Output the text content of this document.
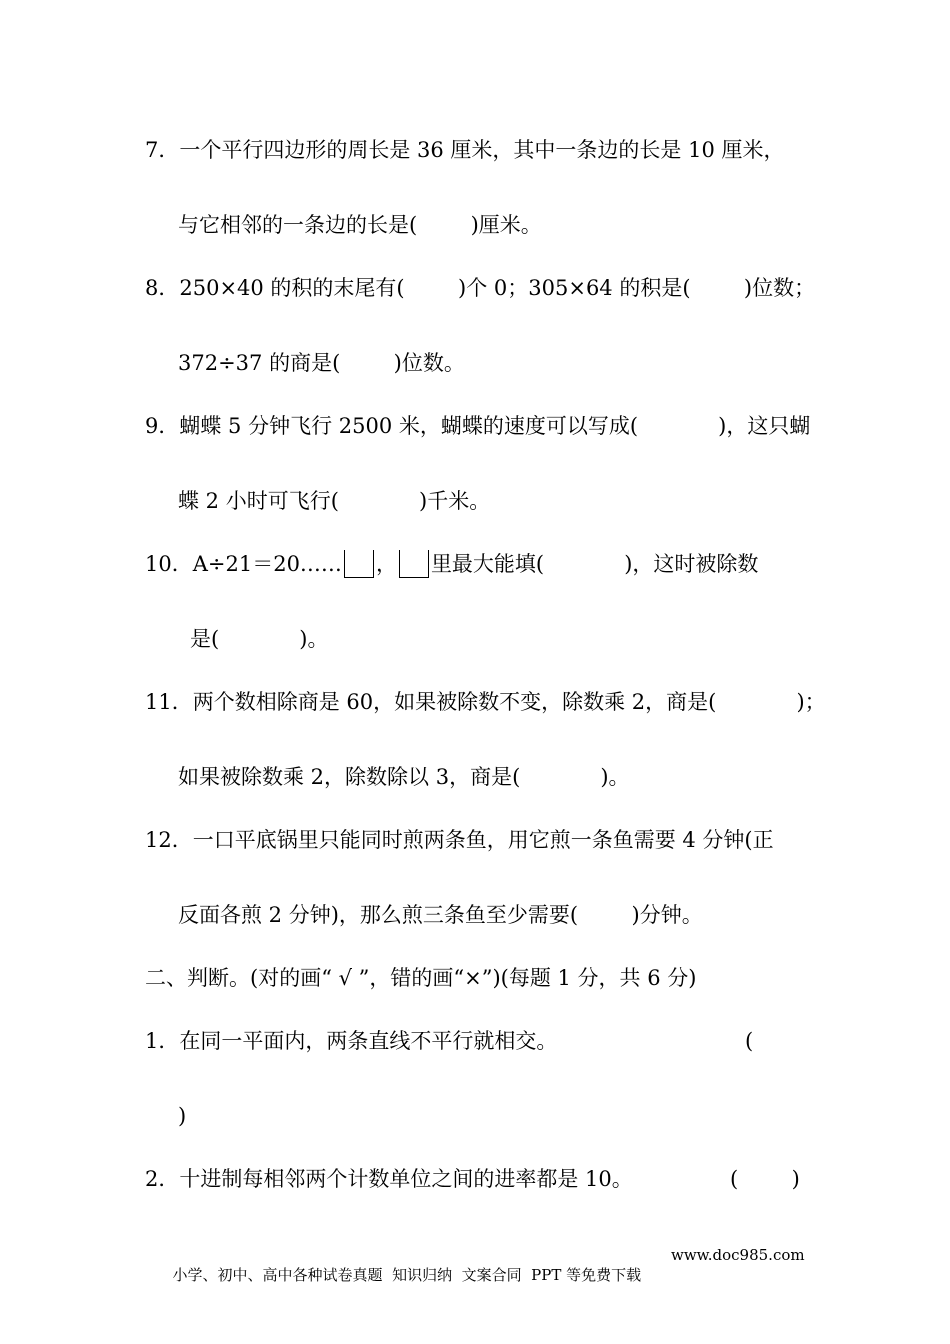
7．一个平行四边形的周长是 36 厘米，其中一条边的长是 10 厘米，
与它相邻的一条边的长是(        )厘米。
8．250×40 的积的末尾有(        )个 0；305×64 的积是(        )位数；
372÷37 的商是(        )位数。
9．蝴蝶 5 分钟飞行 2500 米，蝴蝶的速度可以写成(            )，这只蝴
蝶 2 小时可飞行(            )千米。
10．A÷21＝20…… ， 里最大能填(            )，这时被除数
是(            )。
11．两个数相除商是 60，如果被除数不变，除数乘 2，商是(            )；
如果被除数乘 2，除数除以 3，商是(            )。
12．一口平底锅里只能同时煎两条鱼，用它煎一条鱼需要 4 分钟(正
反面各煎 2 分钟)，那么煎三条鱼至少需要(        )分钟。
二、判断。(对的画“ √ ”，错的画“×”)(每题 1 分，共 6 分)
1．在同一平面内，两条直线不平行就相交。	(
)
2．十进制每相邻两个计数单位之间的进率都是 10。	(        )

小学、初中、高中各种试卷真题  知识归纳  文案合同  PPT 等免费下载

www.doc985.com
